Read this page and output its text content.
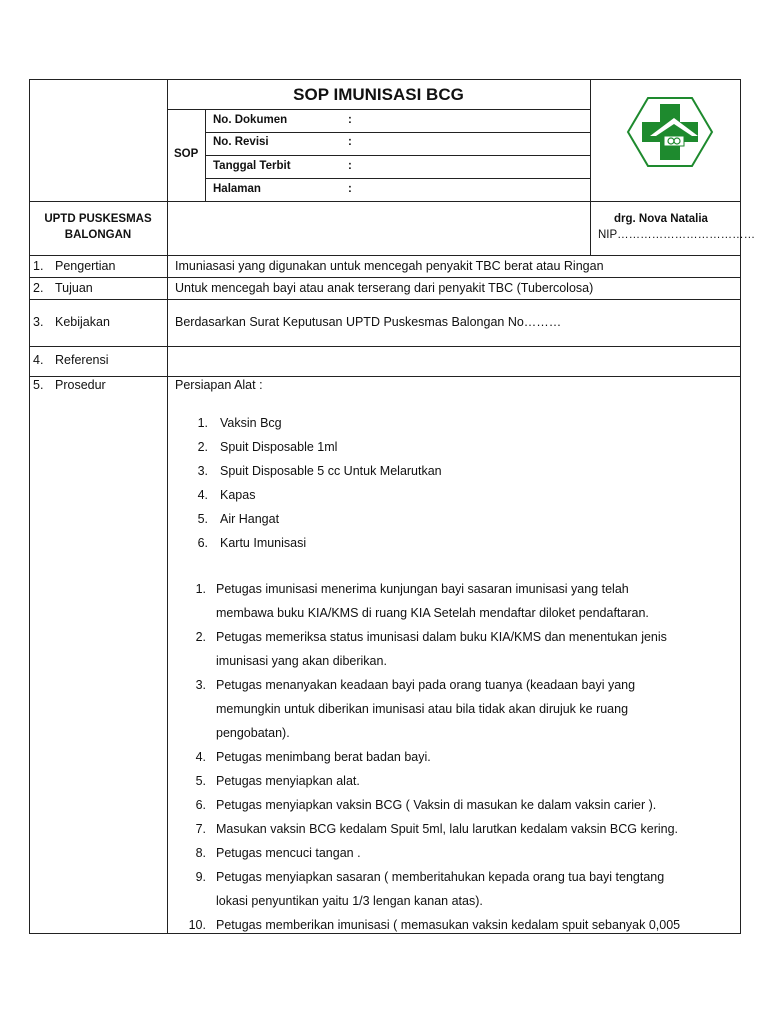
SOP IMUNISASI BCG
SOP
No. Dokumen	:
No. Revisi	:
Tanggal Terbit	:
Halaman	:
UPTD PUSKESMAS
BALONGAN
drg. Nova Natalia
NIP………………………………
1. Pengertian	Imuniasasi yang digunakan untuk mencegah penyakit TBC berat atau Ringan
2. Tujuan	Untuk mencegah bayi atau anak terserang dari penyakit TBC (Tubercolosa)
3. Kebijakan	Berdasarkan Surat Keputusan UPTD Puskesmas Balongan No………
4. Referensi
5. Prosedur	Persiapan Alat :
1. Vaksin Bcg
2. Spuit Disposable 1ml
3. Spuit Disposable 5 cc Untuk Melarutkan
4. Kapas
5. Air Hangat
6. Kartu Imunisasi
1. Petugas imunisasi menerima kunjungan bayi sasaran imunisasi yang telah
membawa buku KIA/KMS di ruang KIA Setelah mendaftar diloket pendaftaran.
2. Petugas memeriksa status imunisasi dalam buku KIA/KMS dan menentukan jenis
imunisasi yang akan diberikan.
3. Petugas menanyakan keadaan bayi pada orang tuanya (keadaan bayi yang
memungkin untuk diberikan imunisasi atau bila tidak akan dirujuk ke ruang
pengobatan).
4. Petugas menimbang berat badan bayi.
5. Petugas menyiapkan alat.
6. Petugas menyiapkan vaksin BCG ( Vaksin di masukan ke dalam vaksin carier ).
7. Masukan vaksin BCG kedalam Spuit 5ml, lalu larutkan kedalam vaksin BCG kering.
8. Petugas mencuci tangan .
9. Petugas menyiapkan sasaran ( memberitahukan kepada orang tua bayi tengtang
lokasi penyuntikan yaitu 1/3 lengan kanan atas).
10. Petugas memberikan imunisasi ( memasukan vaksin kedalam spuit sebanyak 0,005
